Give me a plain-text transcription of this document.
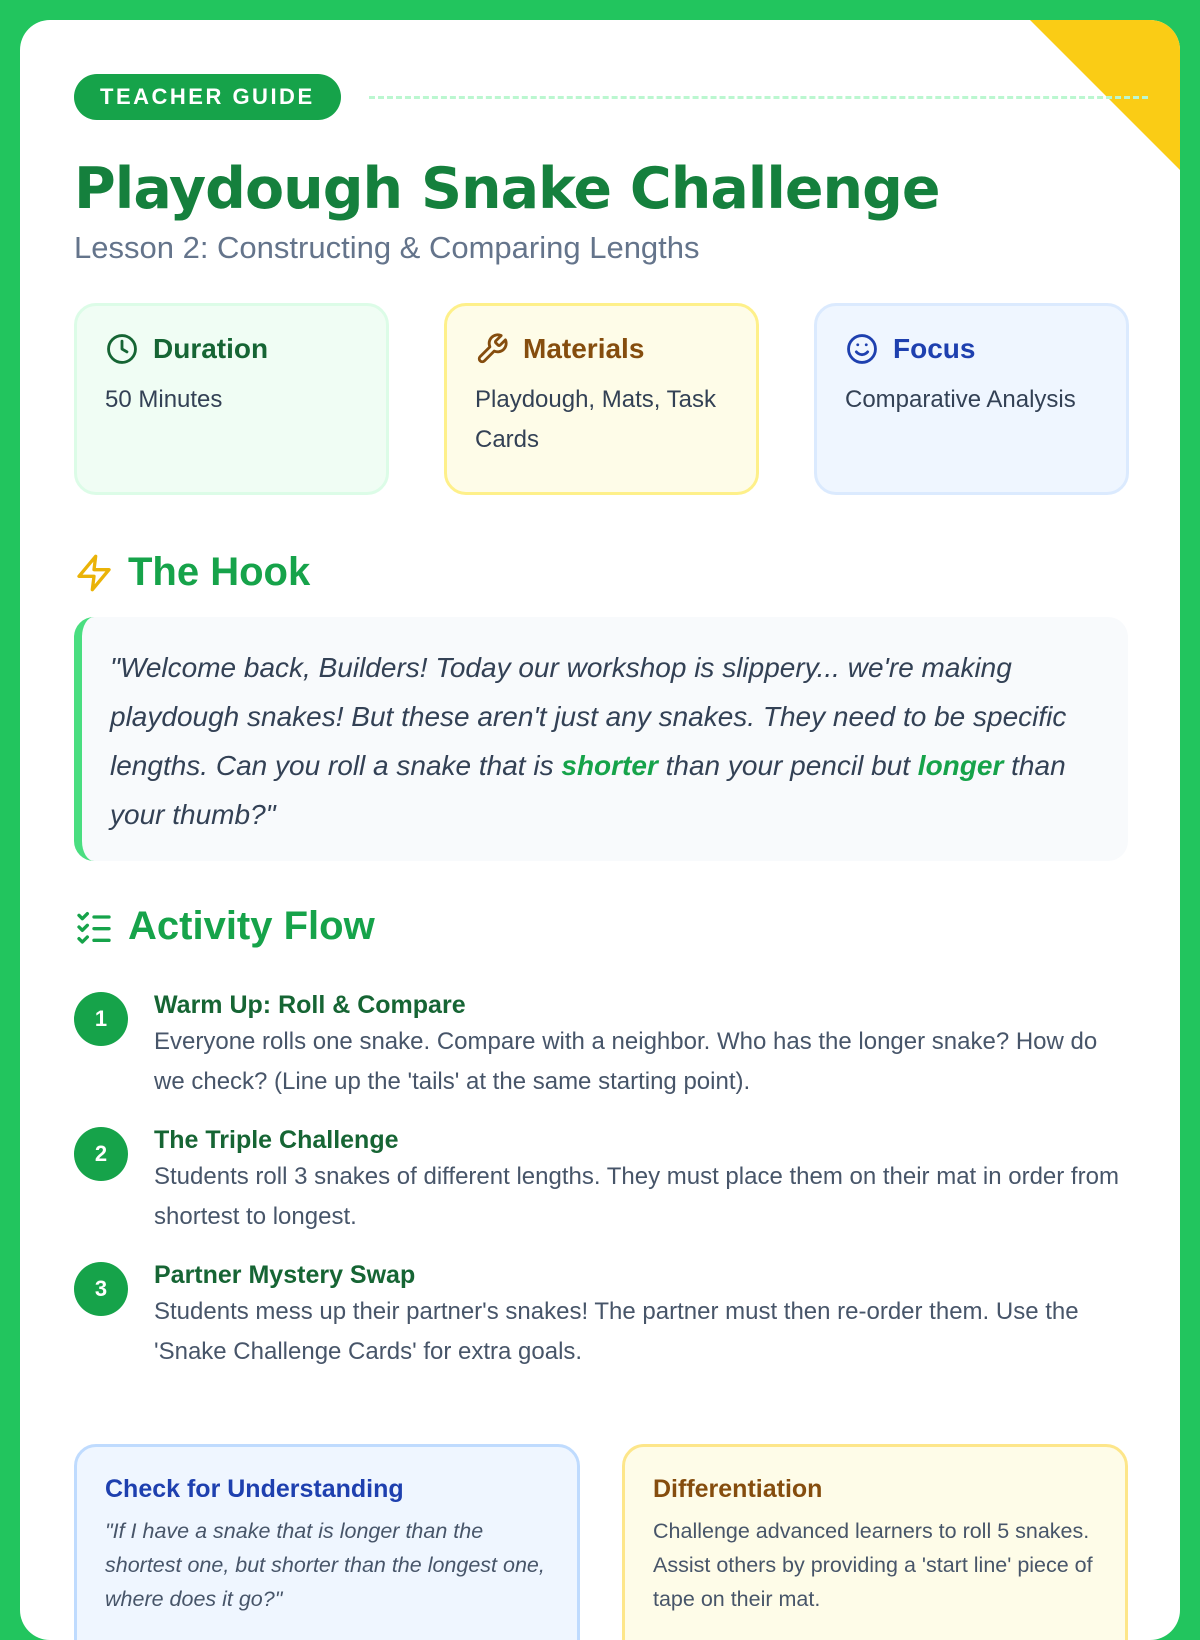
TEACHER GUIDE
Playdough Snake Challenge
Lesson 2: Constructing & Comparing Lengths
Duration
50 Minutes
Materials
Playdough, Mats, Task Cards
Focus
Comparative Analysis
The Hook
"Welcome back, Builders! Today our workshop is slippery... we're making playdough snakes! But these aren't just any snakes. They need to be specific lengths. Can you roll a snake that is shorter than your pencil but longer than your thumb?"
Activity Flow
1	Warm Up: Roll & Compare
Everyone rolls one snake. Compare with a neighbor. Who has the longer snake? How do we check? (Line up the 'tails' at the same starting point).
2	The Triple Challenge
Students roll 3 snakes of different lengths. They must place them on their mat in order from shortest to longest.
3	Partner Mystery Swap
Students mess up their partner's snakes! The partner must then re-order them. Use the 'Snake Challenge Cards' for extra goals.
Check for Understanding
"If I have a snake that is longer than the shortest one, but shorter than the longest one, where does it go?"
Differentiation
Challenge advanced learners to roll 5 snakes. Assist others by providing a 'start line' piece of tape on their mat.
